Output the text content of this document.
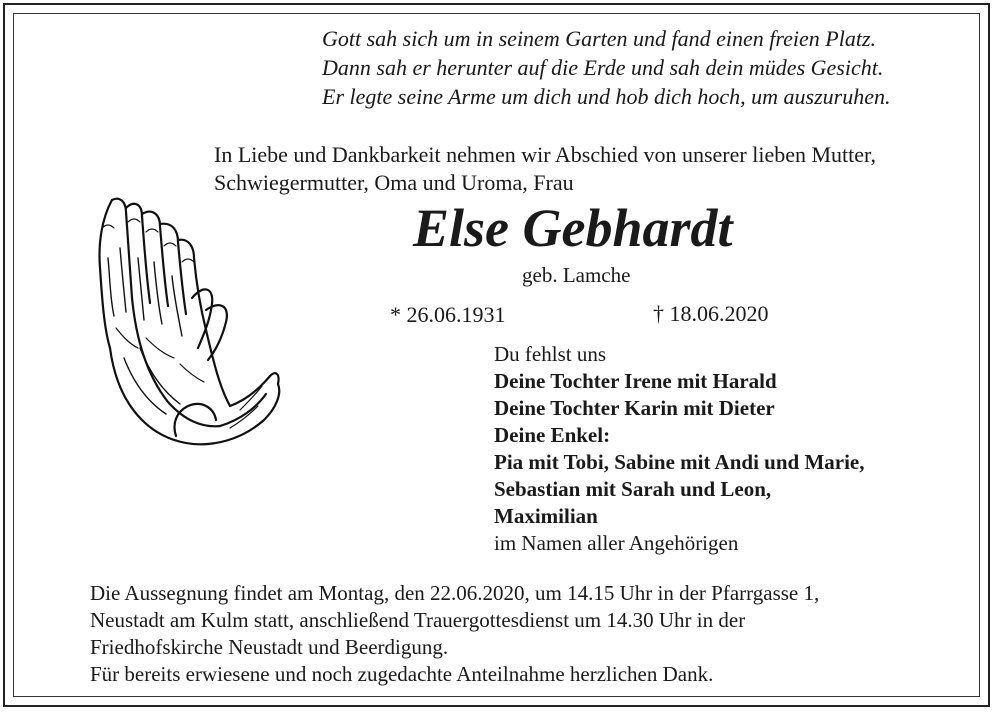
Gott sah sich um in seinem Garten und fand einen freien Platz.
Dann sah er herunter auf die Erde und sah dein müdes Gesicht.
Er legte seine Arme um dich und hob dich hoch, um auszuruhen.
In Liebe und Dankbarkeit nehmen wir Abschied von unserer lieben Mutter,
Schwiegermutter, Oma und Uroma, Frau
Else Gebhardt
geb. Lamche
* 26.06.1931	† 18.06.2020
Du fehlst uns
Deine Tochter Irene mit Harald
Deine Tochter Karin mit Dieter
Deine Enkel:
Pia mit Tobi, Sabine mit Andi und Marie,
Sebastian mit Sarah und Leon,
Maximilian
im Namen aller Angehörigen
Die Aussegnung findet am Montag, den 22.06.2020, um 14.15 Uhr in der Pfarrgasse 1,
Neustadt am Kulm statt, anschließend Trauergottesdienst um 14.30 Uhr in der
Friedhofskirche Neustadt und Beerdigung.
Für bereits erwiesene und noch zugedachte Anteilnahme herzlichen Dank.
